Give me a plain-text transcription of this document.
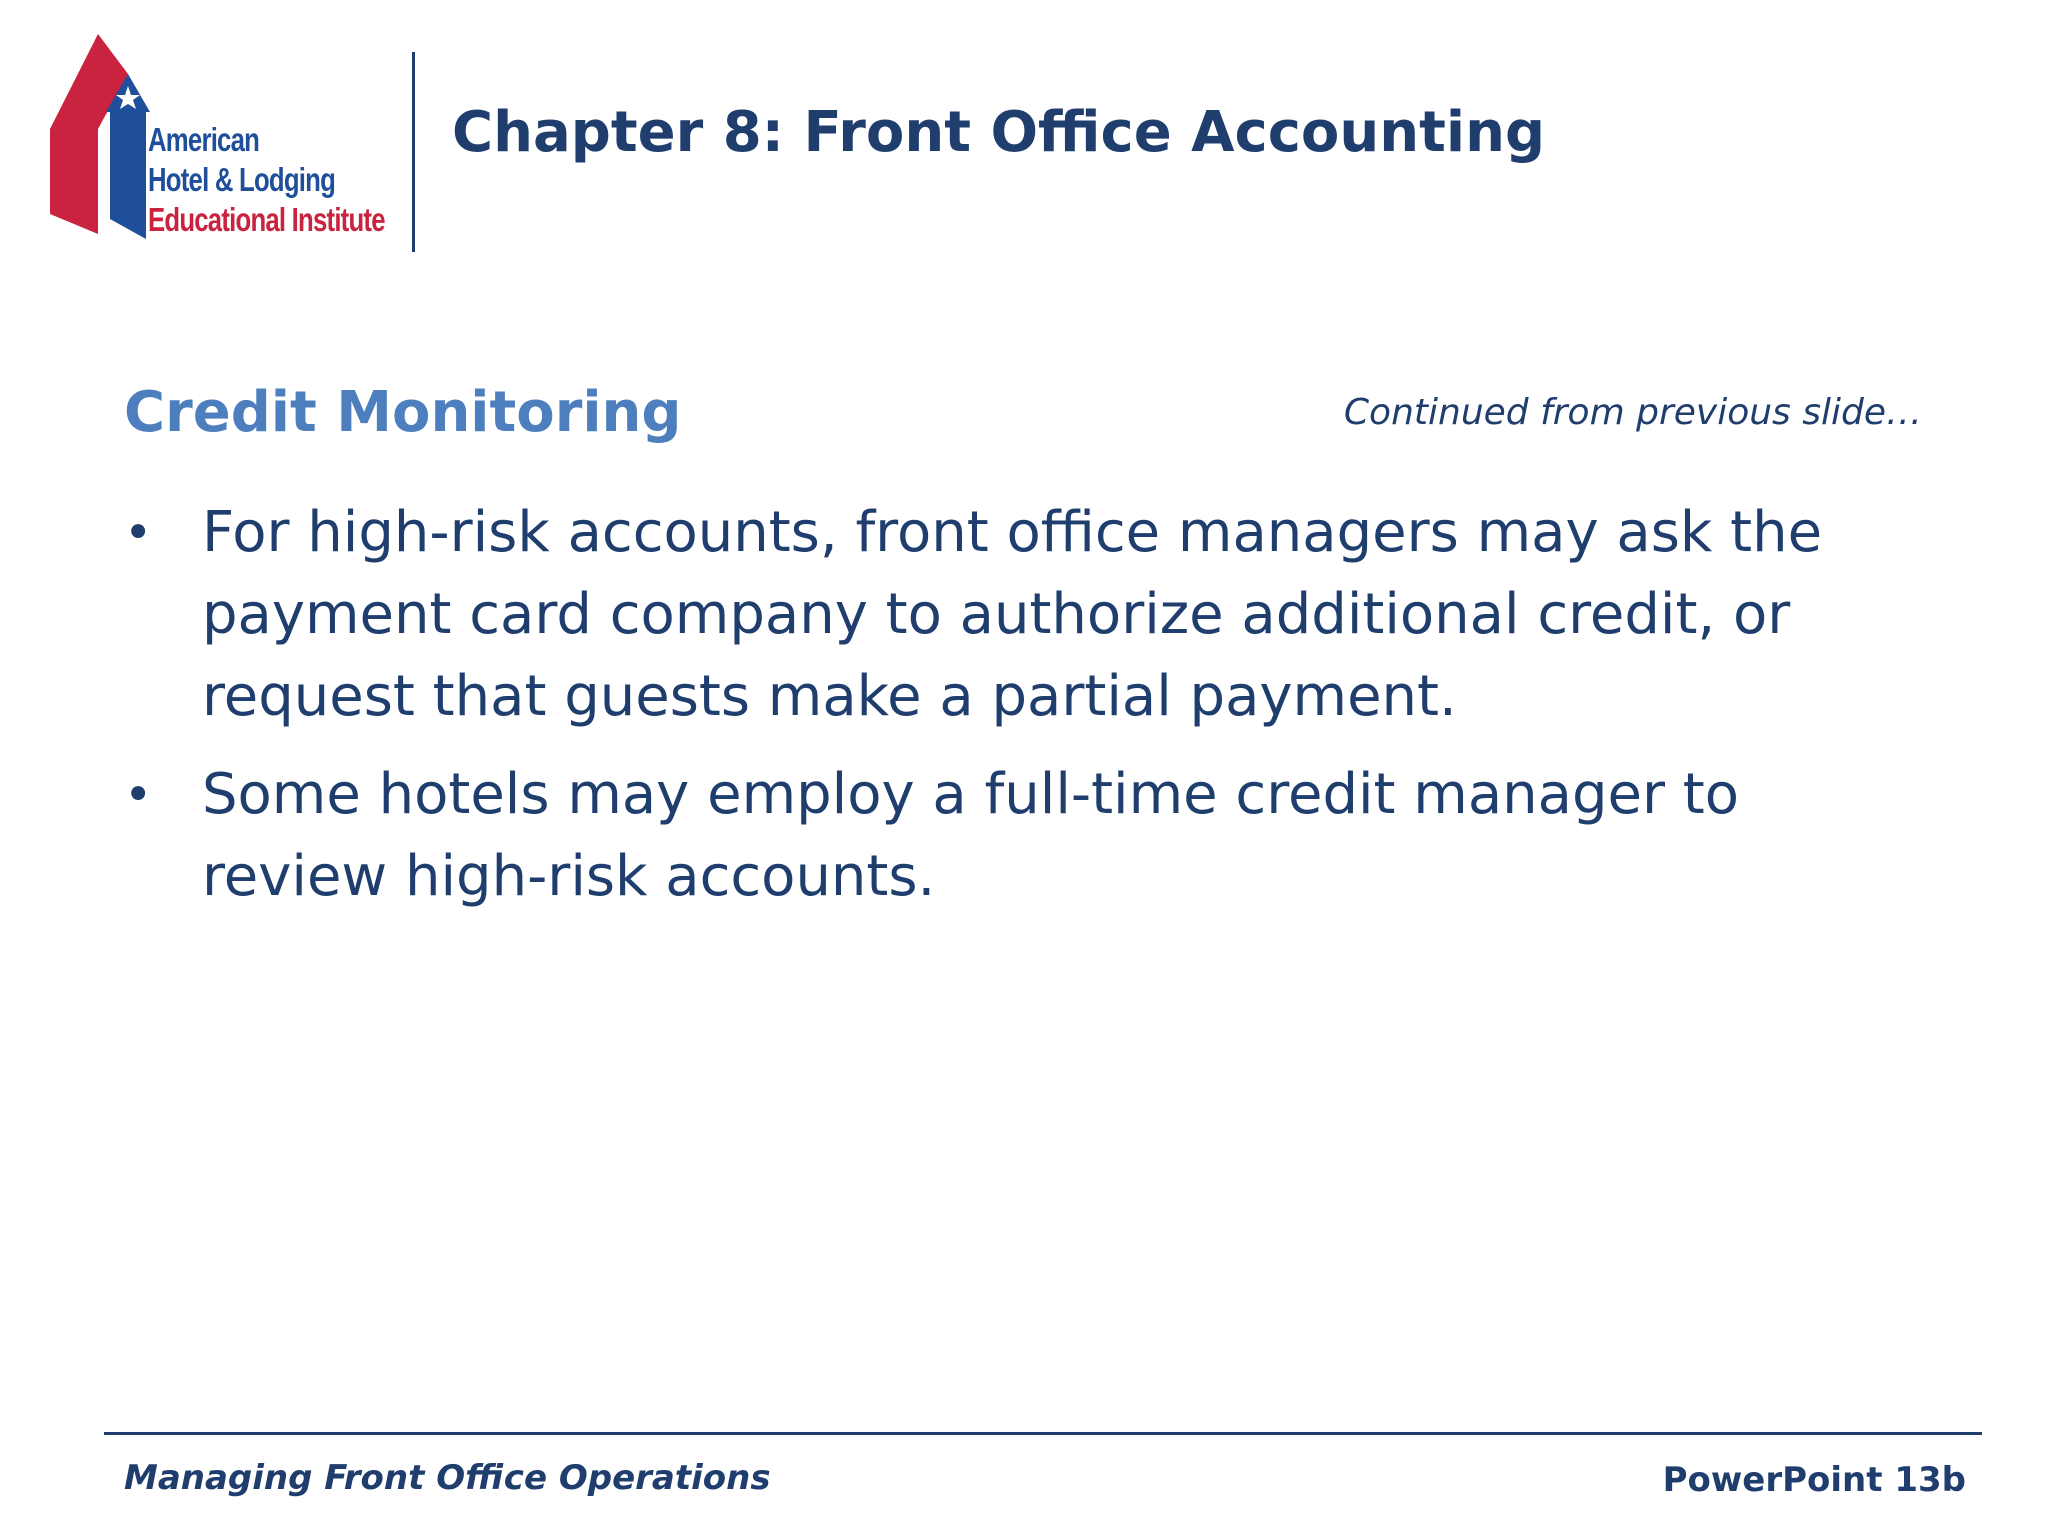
American
Hotel & Lodging
Educational Institute
Chapter 8: Front Office Accounting
Credit Monitoring	Continued from previous slide…
• For high-risk accounts, front office managers may ask the payment card company to authorize additional credit, or request that guests make a partial payment.
• Some hotels may employ a full-time credit manager to review high-risk accounts.
Managing Front Office Operations	PowerPoint 13b
